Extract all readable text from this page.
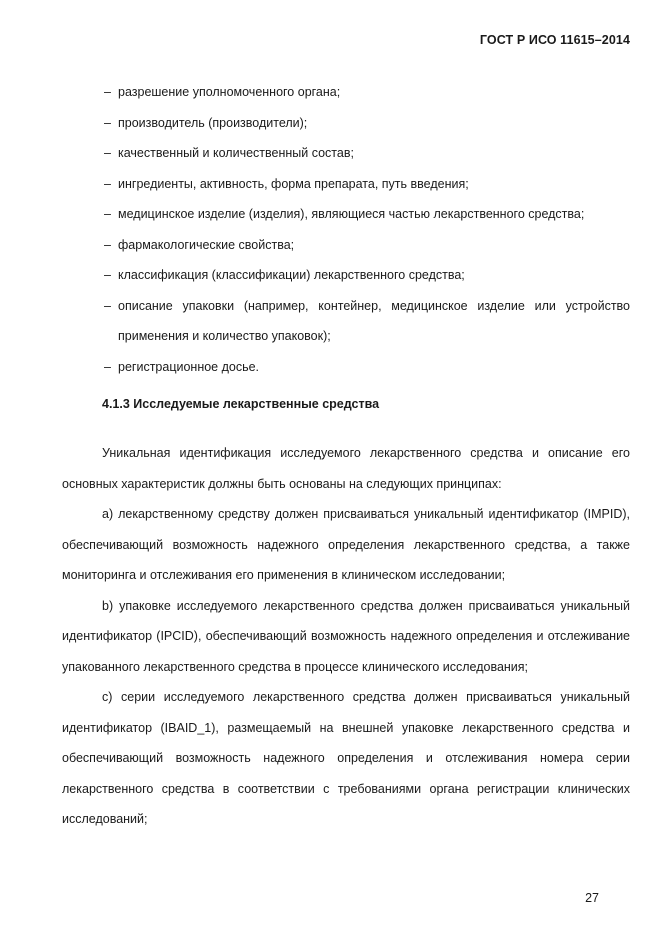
ГОСТ Р ИСО 11615–2014
– разрешение уполномоченного органа;
– производитель (производители);
– качественный и количественный состав;
– ингредиенты, активность, форма препарата, путь введения;
– медицинское изделие (изделия), являющиеся частью лекарственного средства;
– фармакологические свойства;
– классификация (классификации) лекарственного средства;
– описание упаковки (например, контейнер, медицинское изделие или устройство применения и количество упаковок);
– регистрационное досье.
4.1.3 Исследуемые лекарственные средства

Уникальная идентификация исследуемого лекарственного средства и описание его основных характеристик должны быть основаны на следующих принципах:

а) лекарственному средству должен присваиваться уникальный идентификатор (IMPID), обеспечивающий возможность надежного определения лекарственного средства, а также мониторинга и отслеживания его применения в клиническом исследовании;

b) упаковке исследуемого лекарственного средства должен присваиваться уникальный идентификатор (IPCID), обеспечивающий возможность надежного определения и отслеживание упакованного лекарственного средства в процессе клинического исследования;

с) серии исследуемого лекарственного средства должен присваиваться уникальный идентификатор (IBAID_1), размещаемый на внешней упаковке лекарственного средства и обеспечивающий возможность надежного определения и отслеживания номера серии лекарственного средства в соответствии с требованиями органа регистрации клинических исследований;

27
